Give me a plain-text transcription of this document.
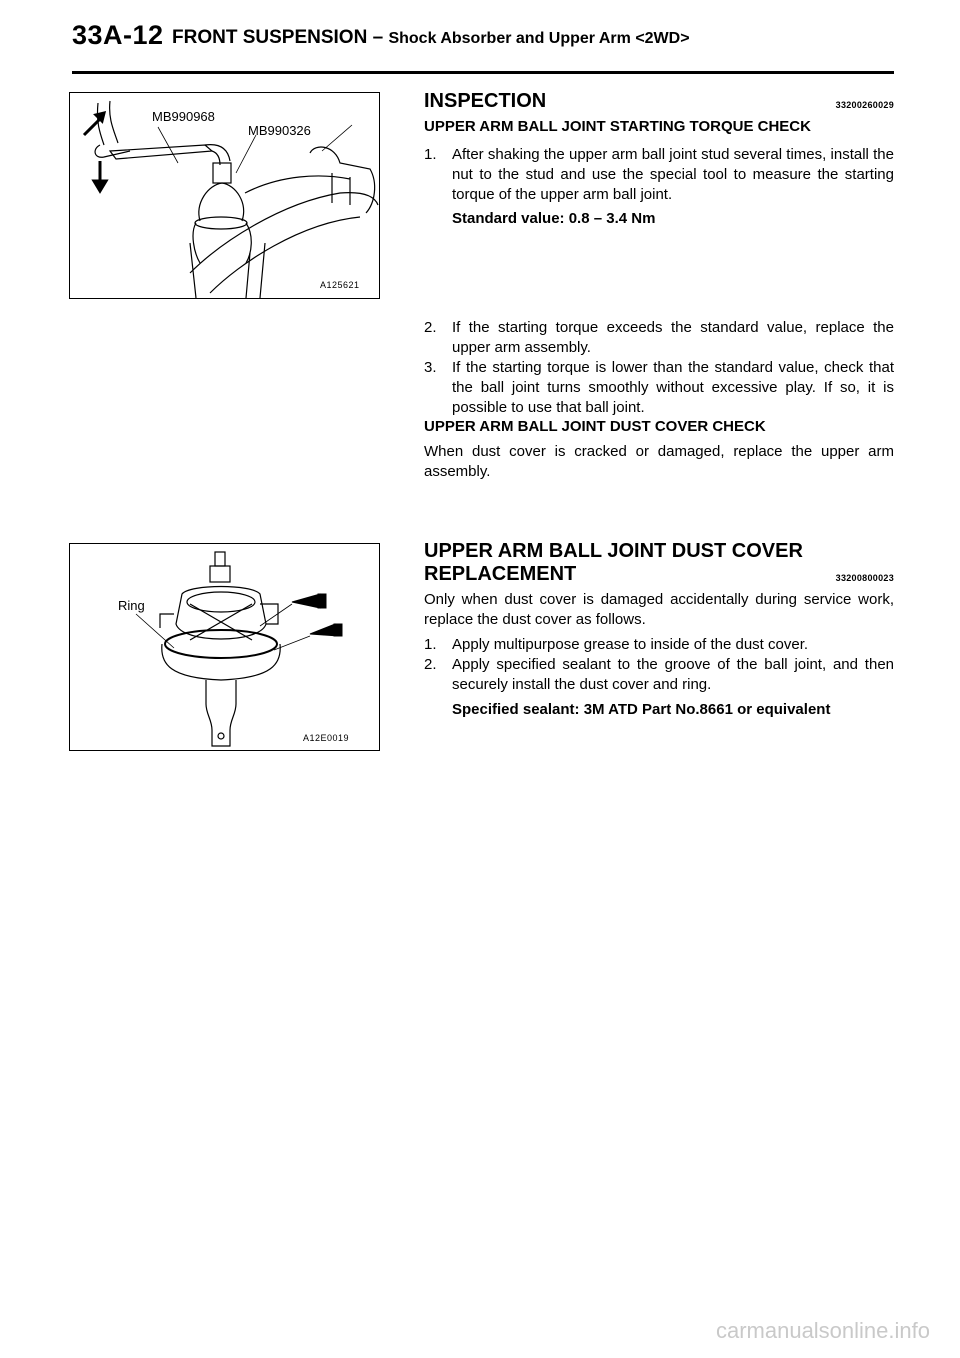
33A-12 FRONT SUSPENSION – Shock Absorber and Upper Arm <2WD>
MB990968
MB990326
A125621
Ring
A12E0019
INSPECTION	33200260029
UPPER ARM BALL JOINT STARTING TORQUE CHECK
1. After shaking the upper arm ball joint stud several times, install the nut to the stud and use the special tool to measure the starting torque of the upper arm ball joint.
Standard value: 0.8 – 3.4 Nm
2. If the starting torque exceeds the standard value, replace the upper arm assembly.
3. If the starting torque is lower than the standard value, check that the ball joint turns smoothly without excessive play. If so, it is possible to use that ball joint.
UPPER ARM BALL JOINT DUST COVER CHECK
When dust cover is cracked or damaged, replace the upper arm assembly.
UPPER ARM BALL JOINT DUST COVER
REPLACEMENT	33200800023
Only when dust cover is damaged accidentally during service work, replace the dust cover as follows.
1. Apply multipurpose grease to inside of the dust cover.
2. Apply specified sealant to the groove of the ball joint, and then securely install the dust cover and ring.
Specified sealant: 3M ATD Part No.8661 or equivalent
carmanualsonline.info
